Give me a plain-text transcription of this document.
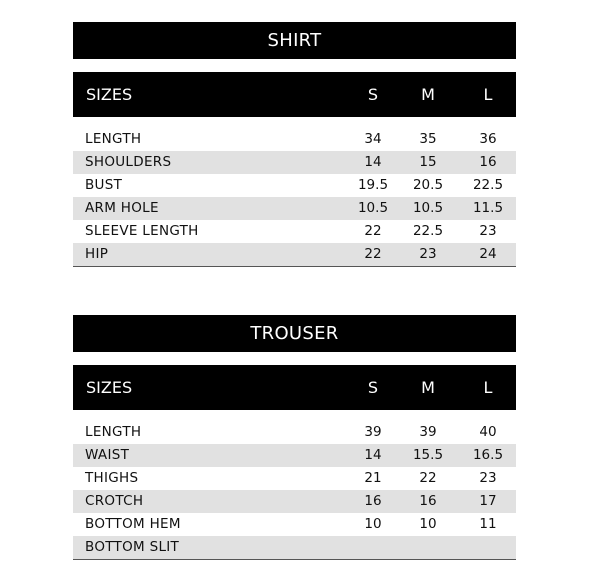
SHIRT
SIZES	S	M	L
LENGTH	34	35	36
SHOULDERS	14	15	16
BUST	19.5	20.5	22.5
ARM HOLE	10.5	10.5	11.5
SLEEVE LENGTH	22	22.5	23
HIP	22	23	24
TROUSER
SIZES	S	M	L
LENGTH	39	39	40
WAIST	14	15.5	16.5
THIGHS	21	22	23
CROTCH	16	16	17
BOTTOM HEM	10	10	11
BOTTOM SLIT
